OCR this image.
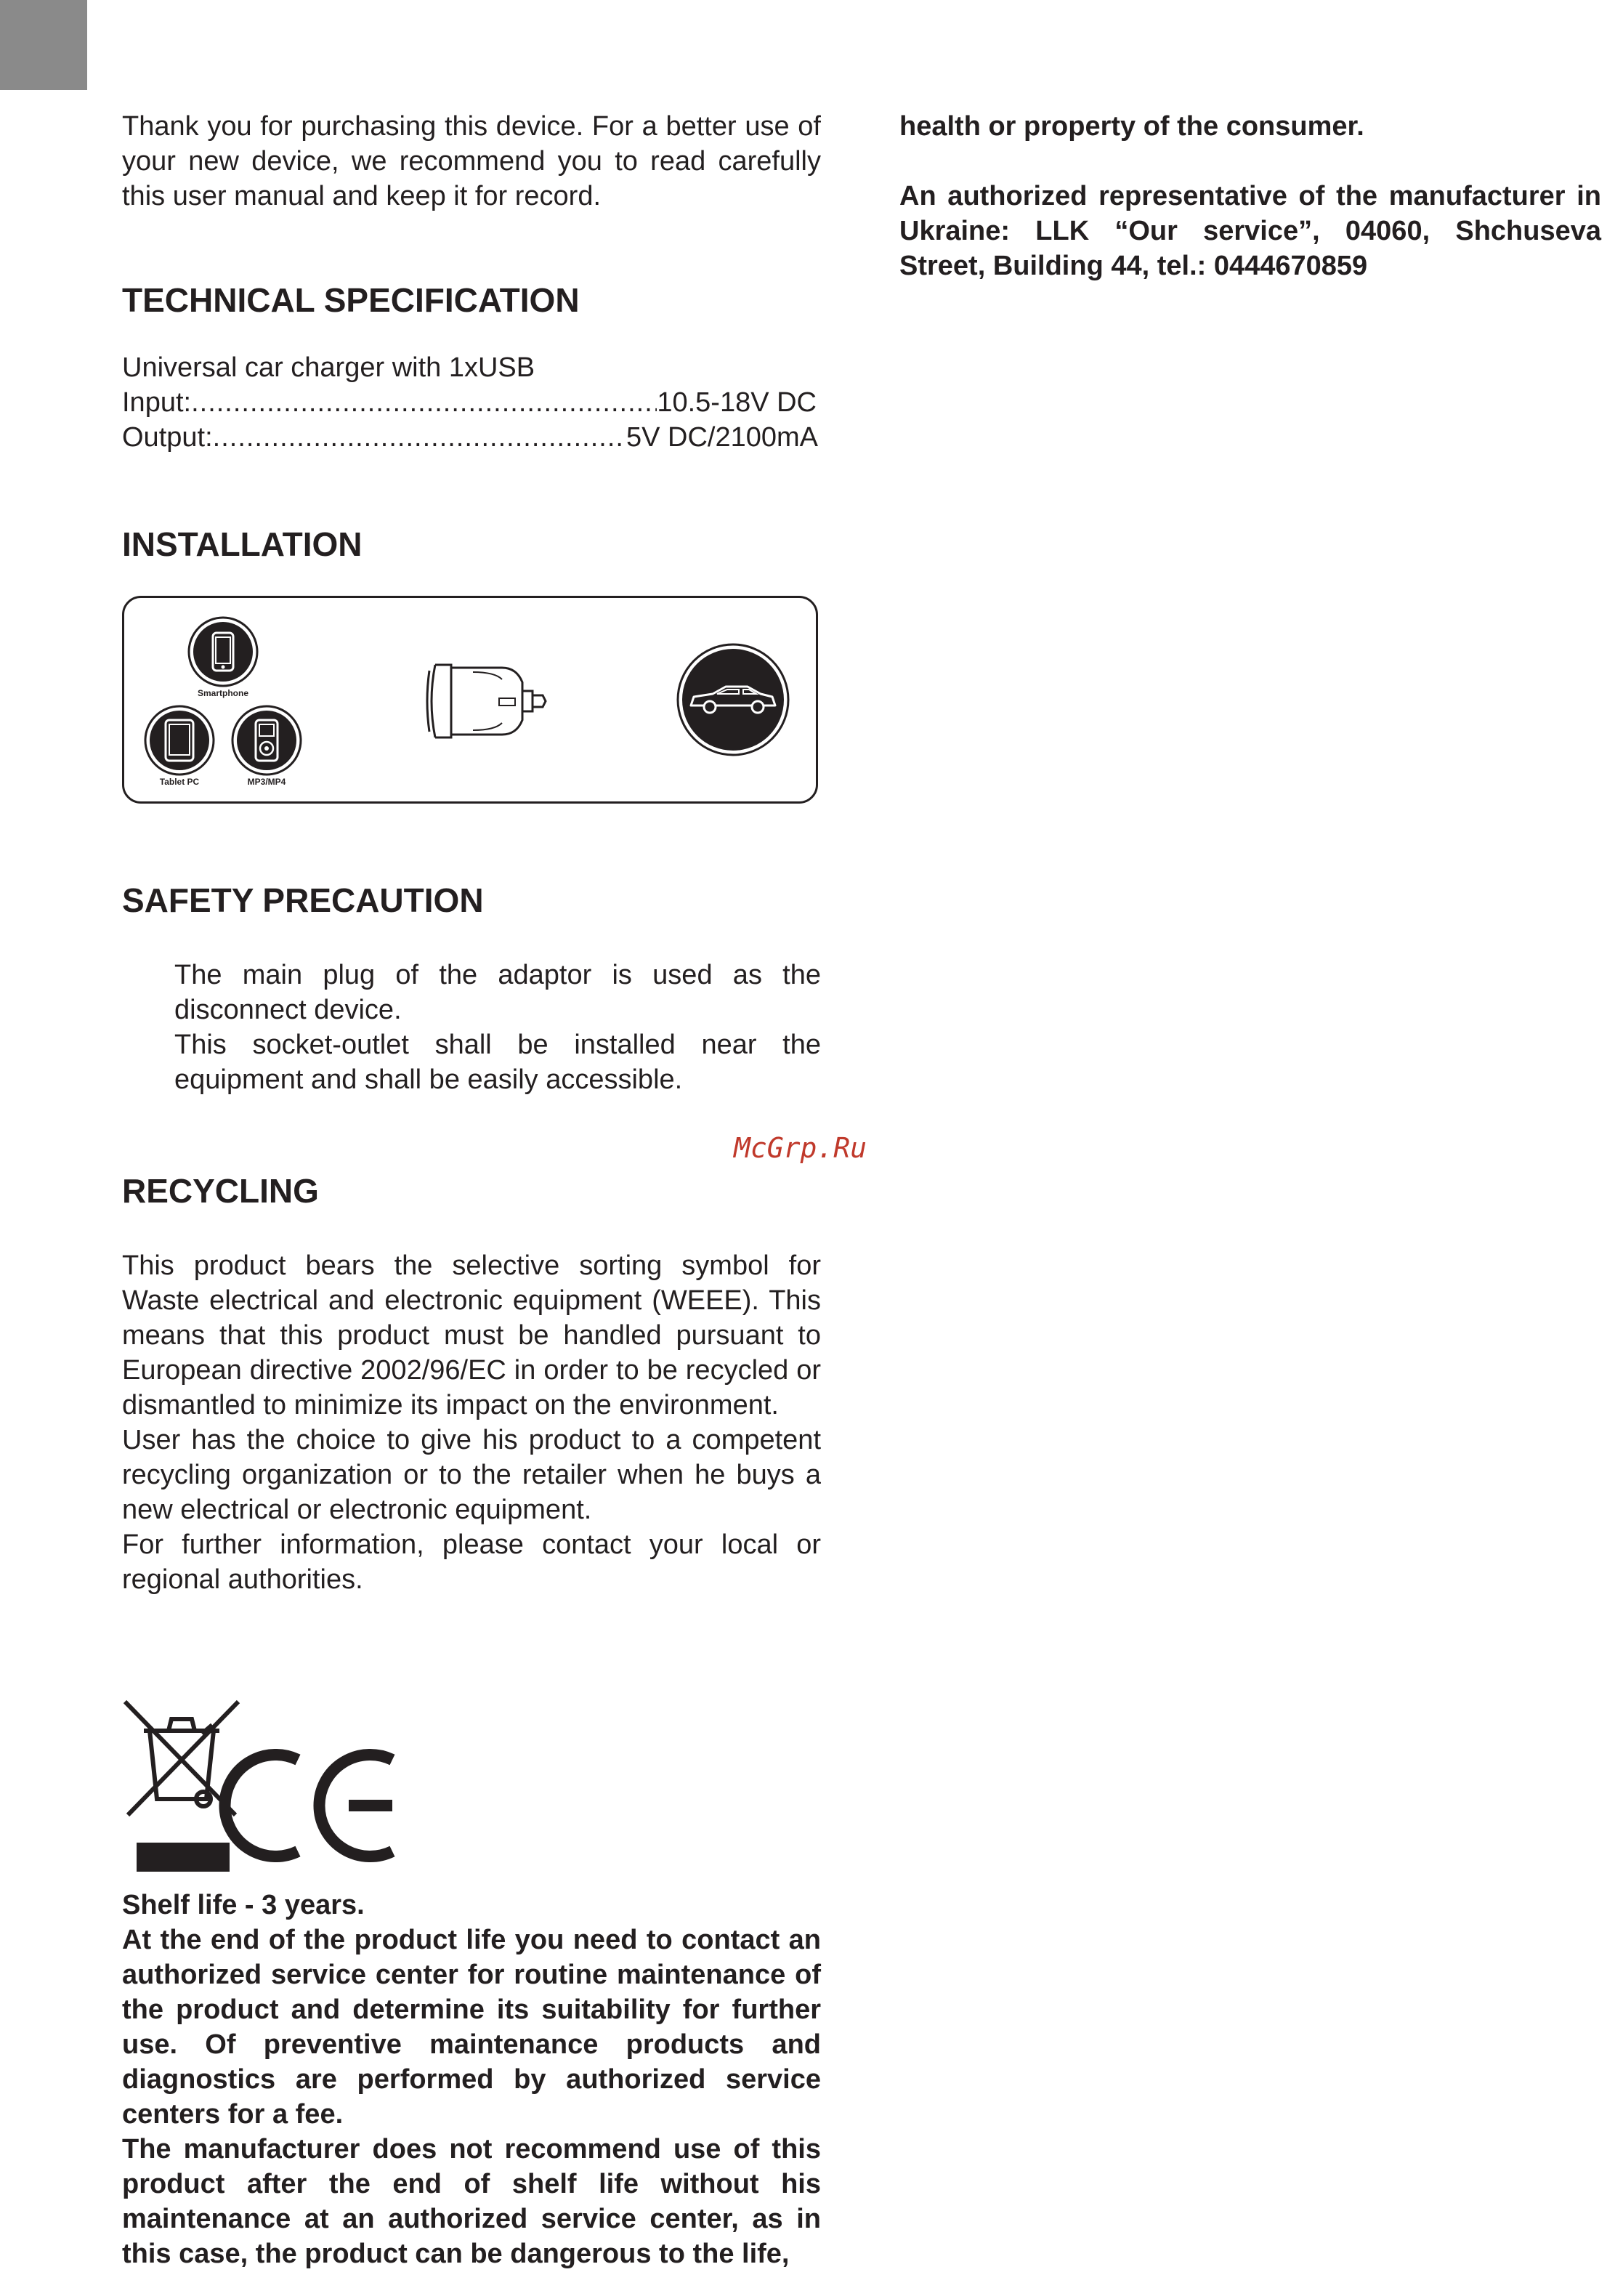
Thank you for purchasing this device. For a better use of your new device, we recommend you to read carefully this user manual and keep it for record.

TECHNICAL SPECIFICATION

Universal car charger with 1xUSB

Input: .....	10.5-18V DC
Output: .....	5V DC/2100mA
INSTALLATION
Smartphone
Tablet PC	MP3/MP4
SAFETY PRECAUTION

The main plug of the adaptor is used as the disconnect device.

This socket-outlet shall be installed near the equipment and shall be easily accessible.

RECYCLING

This product bears the selective sorting symbol for Waste electrical and electronic equipment (WEEE). This means that this product must be handled pursuant to European directive 2002/96/EC in order to be recycled or dismantled to minimize its impact on the environment.

User has the choice to give his product to a competent recycling organization or to the retailer when he buys a new electrical or electronic equipment.

For further information, please contact your local or regional authorities.

Shelf life - 3 years.

At the end of the product life you need to contact an authorized service center for routine maintenance of the product and determine its suitability for further use. Of preventive maintenance products and diagnostics are performed by authorized service centers for a fee.

The manufacturer does not recommend use of this product after the end of shelf life without his maintenance at an authorized service center, as in this case, the product can be dangerous to the life,

McGrp.Ru

health or property of the consumer.

An authorized representative of the manufacturer in Ukraine: LLK “Our service”, 04060, Shchuseva Street, Building 44, tel.: 0444670859
